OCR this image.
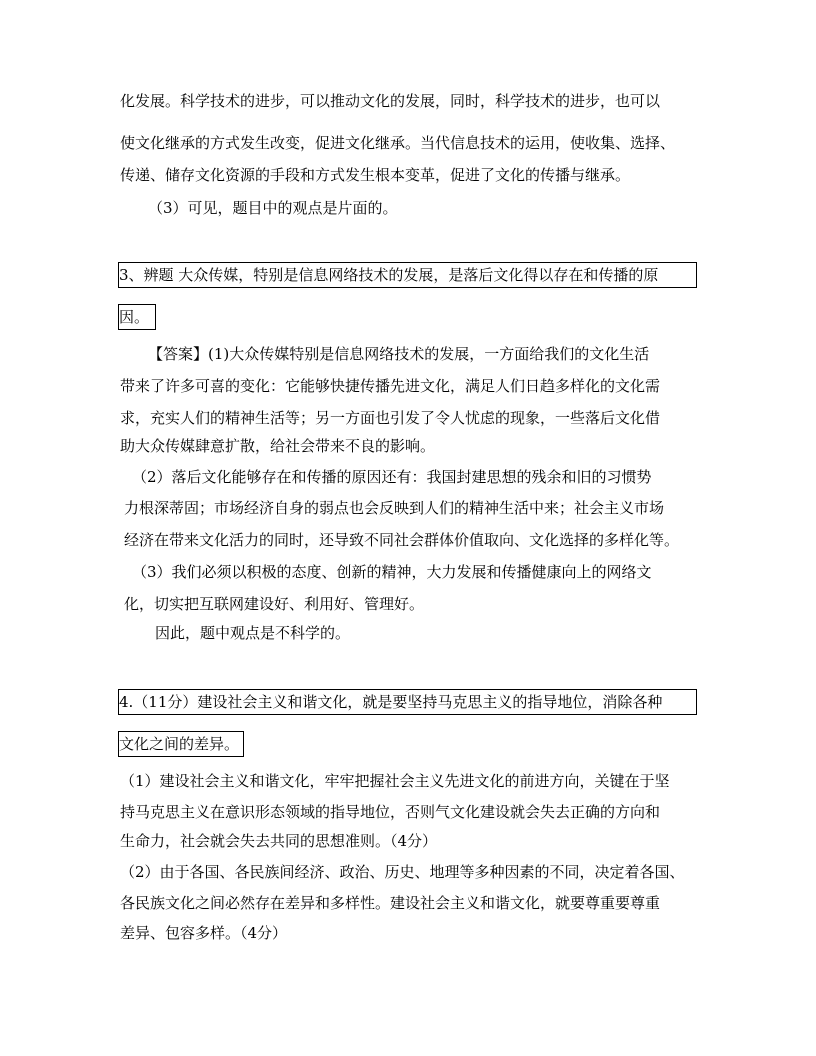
化发展。科学技术的进步，可以推动文化的发展，同时，科学技术的进步，也可以
使文化继承的方式发生改变，促进文化继承。当代信息技术的运用，使收集、选择、
传递、储存文化资源的手段和方式发生根本变革，促进了文化的传播与继承。
（3）可见，题目中的观点是片面的。
3、辨题 大众传媒，特别是信息网络技术的发展，是落后文化得以存在和传播的原
因。
【答案】(1)大众传媒特别是信息网络技术的发展，一方面给我们的文化生活
带来了许多可喜的变化：它能够快捷传播先进文化，满足人们日趋多样化的文化需
求，充实人们的精神生活等；另一方面也引发了令人忧虑的现象，一些落后文化借
助大众传媒肆意扩散，给社会带来不良的影响。
（2）落后文化能够存在和传播的原因还有：我国封建思想的残余和旧的习惯势
力根深蒂固；市场经济自身的弱点也会反映到人们的精神生活中来；社会主义市场
经济在带来文化活力的同时，还导致不同社会群体价值取向、文化选择的多样化等。
（3）我们必须以积极的态度、创新的精神，大力发展和传播健康向上的网络文
化，切实把互联网建设好、利用好、管理好。
因此，题中观点是不科学的。
4.（11分）建设社会主义和谐文化，就是要坚持马克思主义的指导地位，消除各种
文化之间的差异。
（1）建设社会主义和谐文化，牢牢把握社会主义先进文化的前进方向，关键在于坚
持马克思主义在意识形态领域的指导地位，否则气文化建设就会失去正确的方向和
生命力，社会就会失去共同的思想准则。（4分）
（2）由于各国、各民族间经济、政治、历史、地理等多种因素的不同，决定着各国、
各民族文化之间必然存在差异和多样性。建设社会主义和谐文化，就要尊重要尊重
差异、包容多样。（4分）
